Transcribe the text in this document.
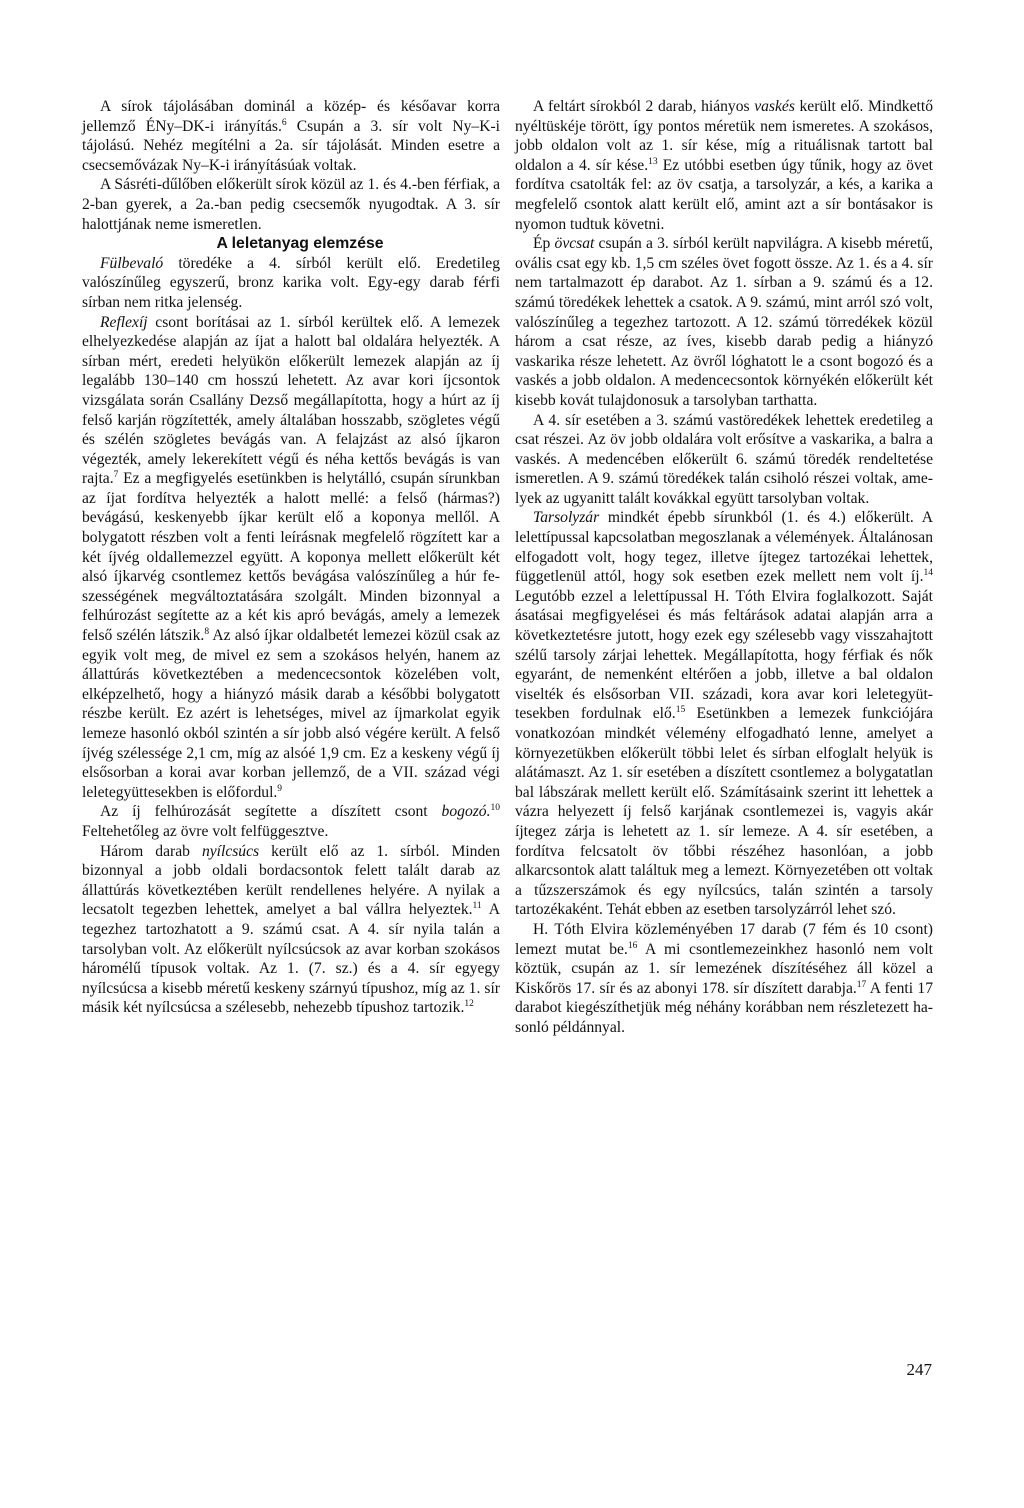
A sírok tájolásában dominál a közép- és későavar korra jellemző ÉNy–DK-i irányítás.$^6$ Csupán a 3. sír volt Ny–K-i tájolású. Nehéz megítélni a 2a. sír tájolását. Minden esetre a csecsemővázak Ny–K-i irányításúak voltak.

A Sásréti-dűlőben előkerült sírok közül az 1. és 4.-ben férfiak, a 2-ban gyerek, a 2a.-ban pedig csecsemők nyugodtak. A 3. sír halottjának neme ismeretlen.

A leletanyag elemzése

Fülbevaló töredéke a 4. sírból került elő. Eredetileg valószínűleg egyszerű, bronz karika volt. Egy-egy darab férfi sírban nem ritka jelenség.

Reflexíj csont borításai az 1. sírból kerültek elő. A lemezek elhelyezkedése alapján az íjat a halott bal oldalára helyezték. A sírban mért, eredeti helyükön előkerült lemezek alapján az íj legalább 130–140 cm hosszú lehetett. Az avar kori íjcsontok vizsgálata során Csallány Dezső megállapította, hogy a húrt az íj felső karján rögzítették, amely általában hosszabb, szögletes végű és szélén szögletes bevágás van. A felajzást az alsó íjkaron végezték, amely lekerekített végű és néha kettős bevágás is van rajta.$^7$ Ez a megfigyelés esetünkben is helytálló, csupán sírunkban az íjat fordítva helyezték a halott mellé: a felső (hármas?) bevágású, keskenyebb íjkar került elő a koponya mellől. A bolygatott részben volt a fenti leírásnak megfelelő rögzített kar a két íjvég oldallemezzel együtt. A koponya mellett előkerült két alsó íjkarvég csontlemez kettős bevágása valószínűleg a húr feszességének megváltoztatására szolgált. Minden bizonnyal a felhúrozást segítette az a két kis apró bevágás, amely a lemezek felső szélén látszik.$^8$ Az alsó íjkar oldalbetét lemezei közül csak az egyik volt meg, de mivel ez sem a szokásos helyén, hanem az állattúrás következtében a medencecsontok közelében volt, elképzelhető, hogy a hiányzó másik darab a későbbi bolygatott részbe került. Ez azért is lehetséges, mivel az íjmarkolat egyik lemeze hasonló okból szintén a sír jobb alsó végére került. A felső íjvég szélessége 2,1 cm, míg az alsóé 1,9 cm. Ez a keskeny végű íj elsősorban a korai avar korban jellemző, de a VII. század végi leletegyüttesekben is előfordul.$^9$

Az íj felhúrozását segítette a díszített csont bogozó.$^{10}$ Feltehetőleg az övre volt felfüggesztve.

Három darab nyílcsúcs került elő az 1. sírból. Minden bizonnyal a jobb oldali bordacsontok felett talált darab az állattúrás következtében került rendellenes helyére. A nyilak a lecsatolt tegezben lehettek, amelyet a bal vállra helyeztek.$^{11}$ A tegezhez tartozhatott a 9. számú csat. A 4. sír nyila talán a tarsolyban volt. Az előkerült nyílcsúcsok az avar korban szokásos háromélű típusok voltak. Az 1. (7. sz.) és a 4. sír egyegy nyílcsúcsa a kisebb méretű keskeny szárnyú típushoz, míg az 1. sír másik két nyílcsúcsa a szélesebb, nehezebb típushoz tartozik.$^{12}$

A feltárt sírokból 2 darab, hiányos vaskés került elő. Mindkettő nyéltüskéje törött, így pontos méretük nem ismeretes. A szokásos, jobb oldalon volt az 1. sír kése, míg a rituálisnak tartott bal oldalon a 4. sír kése.$^{13}$ Ez utóbbi esetben úgy tűnik, hogy az övet fordítva csatolták fel: az öv csatja, a tarsolyzár, a kés, a karika a megfelelő csontok alatt került elő, amint azt a sír bontásakor is nyomon tudtuk követni.

Ép övcsat csupán a 3. sírból került napvilágra. A kisebb méretű, ovális csat egy kb. 1,5 cm széles övet fogott össze. Az 1. és a 4. sír nem tartalmazott ép darabot. Az 1. sírban a 9. számú és a 12. számú töredékek lehettek a csatok. A 9. számú, mint arról szó volt, valószínűleg a tegezhez tartozott. A 12. számú törredékek közül három a csat része, az íves, kisebb darab pedig a hiányzó vaskarika része lehetett. Az övről lóghatott le a csont bogozó és a vaskés a jobb oldalon. A medencecsontok környékén előkerült két kisebb kovát tulajdonosuk a tarsolyban tarthatta.

A 4. sír esetében a 3. számú vastöredékek lehettek eredetileg a csat részei. Az öv jobb oldalára volt erősítve a vaskarika, a balra a vaskés. A medencében előkerült 6. számú töredék rendeltetése ismeretlen. A 9. számú töredékek talán csiholó részei voltak, amelyek az ugyanitt talált kovákkal együtt tarsolyban voltak.

Tarsolyzár mindkét épebb sírunkból (1. és 4.) előkerült. A lelettípussal kapcsolatban megoszlanak a vélemények. Általánosan elfogadott volt, hogy tegez, illetve íjtegez tartozékai lehettek, függetlenül attól, hogy sok esetben ezek mellett nem volt íj.$^{14}$ Legutóbb ezzel a lelettípussal H. Tóth Elvira foglalkozott. Saját ásatásai megfigyelései és más feltárások adatai alapján arra a következtetésre jutott, hogy ezek egy szélesebb vagy visszahajtott szélű tarsoly zárjai lehettek. Megállapította, hogy férfiak és nők egyaránt, de nemenként eltérően a jobb, illetve a bal oldalon viselték és elsősorban VII. századi, kora avar kori leletegyüttesekben fordulnak elő.$^{15}$ Esetünkben a lemezek funkciójára vonatkozóan mindkét vélemény elfogadható lenne, amelyet a környezetükben előkerült többi lelet és sírban elfoglalt helyük is alátámaszt. Az 1. sír esetében a díszített csontlemez a bolygatatlan bal lábszárak mellett került elő. Számításaink szerint itt lehettek a vázra helyezett íj felső karjának csontlemezei is, vagyis akár íjtegez zárja is lehetett az 1. sír lemeze. A 4. sír esetében, a fordítva felcsatolt öv tőbbi részéhez hasonlóan, a jobb alkarcsontok alatt találtuk meg a lemezt. Környezetében ott voltak a tűzszerszámok és egy nyílcsúcs, talán szintén a tarsoly tartozékaként. Tehát ebben az esetben tarsolyzárról lehet szó.

H. Tóth Elvira közleményében 17 darab (7 fém és 10 csont) lemezt mutat be.$^{16}$ A mi csontlemezeinkhez hasonló nem volt köztük, csupán az 1. sír lemezének díszítéséhez áll közel a Kiskőrös 17. sír és az abonyi 178. sír díszített darabja.$^{17}$ A fenti 17 darabot kiegészíthetjük még néhány korábban nem részletezett hasonló példánnyal.

247
